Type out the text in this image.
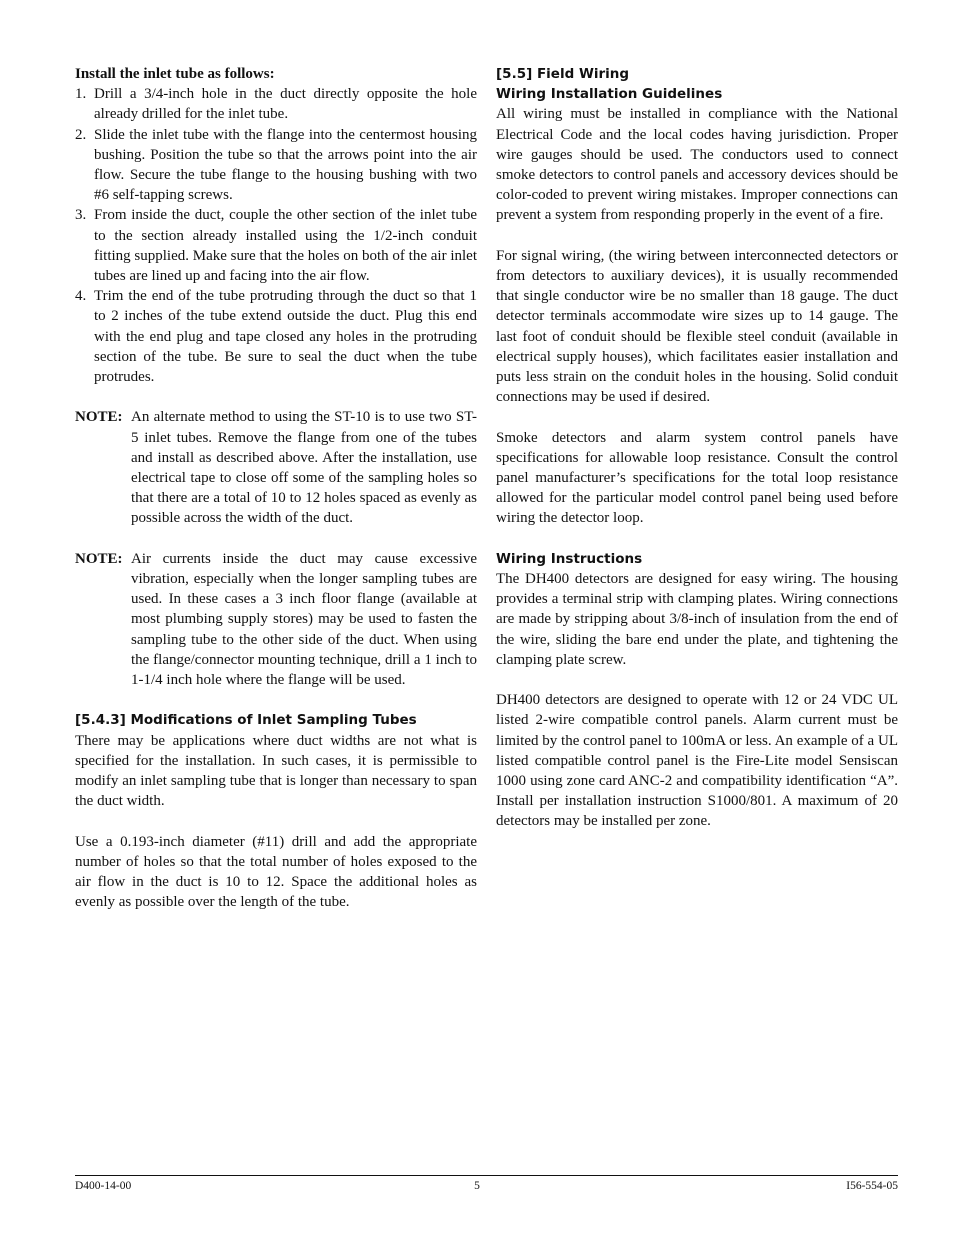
Install the inlet tube as follows:

1. Drill a 3/4-inch hole in the duct directly opposite the hole already drilled for the inlet tube.

2. Slide the inlet tube with the flange into the centermost housing bushing. Position the tube so that the arrows point into the air flow. Secure the tube flange to the housing bushing with two #6 self-tapping screws.

3. From inside the duct, couple the other section of the inlet tube to the section already installed using the 1/2-inch conduit fitting supplied. Make sure that the holes on both of the air inlet tubes are lined up and facing into the air flow.

4. Trim the end of the tube protruding through the duct so that 1 to 2 inches of the tube extend outside the duct. Plug this end with the end plug and tape closed any holes in the protruding section of the tube. Be sure to seal the duct when the tube protrudes.

NOTE: An alternate method to using the ST-10 is to use two ST-5 inlet tubes. Remove the flange from one of the tubes and install as described above. After the installation, use electrical tape to close off some of the sampling holes so that there are a total of 10 to 12 holes spaced as evenly as possible across the width of the duct.

NOTE: Air currents inside the duct may cause excessive vibration, especially when the longer sampling tubes are used. In these cases a 3 inch floor flange (available at most plumbing supply stores) may be used to fasten the sampling tube to the other side of the duct. When using the flange/connector mounting technique, drill a 1 inch to 1-1/4 inch hole where the flange will be used.

[5.4.3] Modifications of Inlet Sampling Tubes

There may be applications where duct widths are not what is specified for the installation. In such cases, it is permissible to modify an inlet sampling tube that is longer than necessary to span the duct width.

Use a 0.193-inch diameter (#11) drill and add the appropriate number of holes so that the total number of holes exposed to the air flow in the duct is 10 to 12. Space the additional holes as evenly as possible over the length of the tube.

[5.5] Field Wiring

Wiring Installation Guidelines

All wiring must be installed in compliance with the National Electrical Code and the local codes having jurisdiction. Proper wire gauges should be used. The conductors used to connect smoke detectors to control panels and accessory devices should be color-coded to prevent wiring mistakes. Improper connections can prevent a system from responding properly in the event of a fire.

For signal wiring, (the wiring between interconnected detectors or from detectors to auxiliary devices), it is usually recommended that single conductor wire be no smaller than 18 gauge. The duct detector terminals accommodate wire sizes up to 14 gauge. The last foot of conduit should be flexible steel conduit (available in electrical supply houses), which facilitates easier installation and puts less strain on the conduit holes in the housing. Solid conduit connections may be used if desired.

Smoke detectors and alarm system control panels have specifications for allowable loop resistance. Consult the control panel manufacturer’s specifications for the total loop resistance allowed for the particular model control panel being used before wiring the detector loop.

Wiring Instructions

The DH400 detectors are designed for easy wiring. The housing provides a terminal strip with clamping plates. Wiring connections are made by stripping about 3/8-inch of insulation from the end of the wire, sliding the bare end under the plate, and tightening the clamping plate screw.

DH400 detectors are designed to operate with 12 or 24 VDC UL listed 2-wire compatible control panels. Alarm current must be limited by the control panel to 100mA or less. An example of a UL listed compatible control panel is the Fire-Lite model Sensiscan 1000 using zone card ANC-2 and compatibility identification “A”. Install per installation instruction S1000/801. A maximum of 20 detectors may be installed per zone.

D400-14-00	5	I56-554-05
